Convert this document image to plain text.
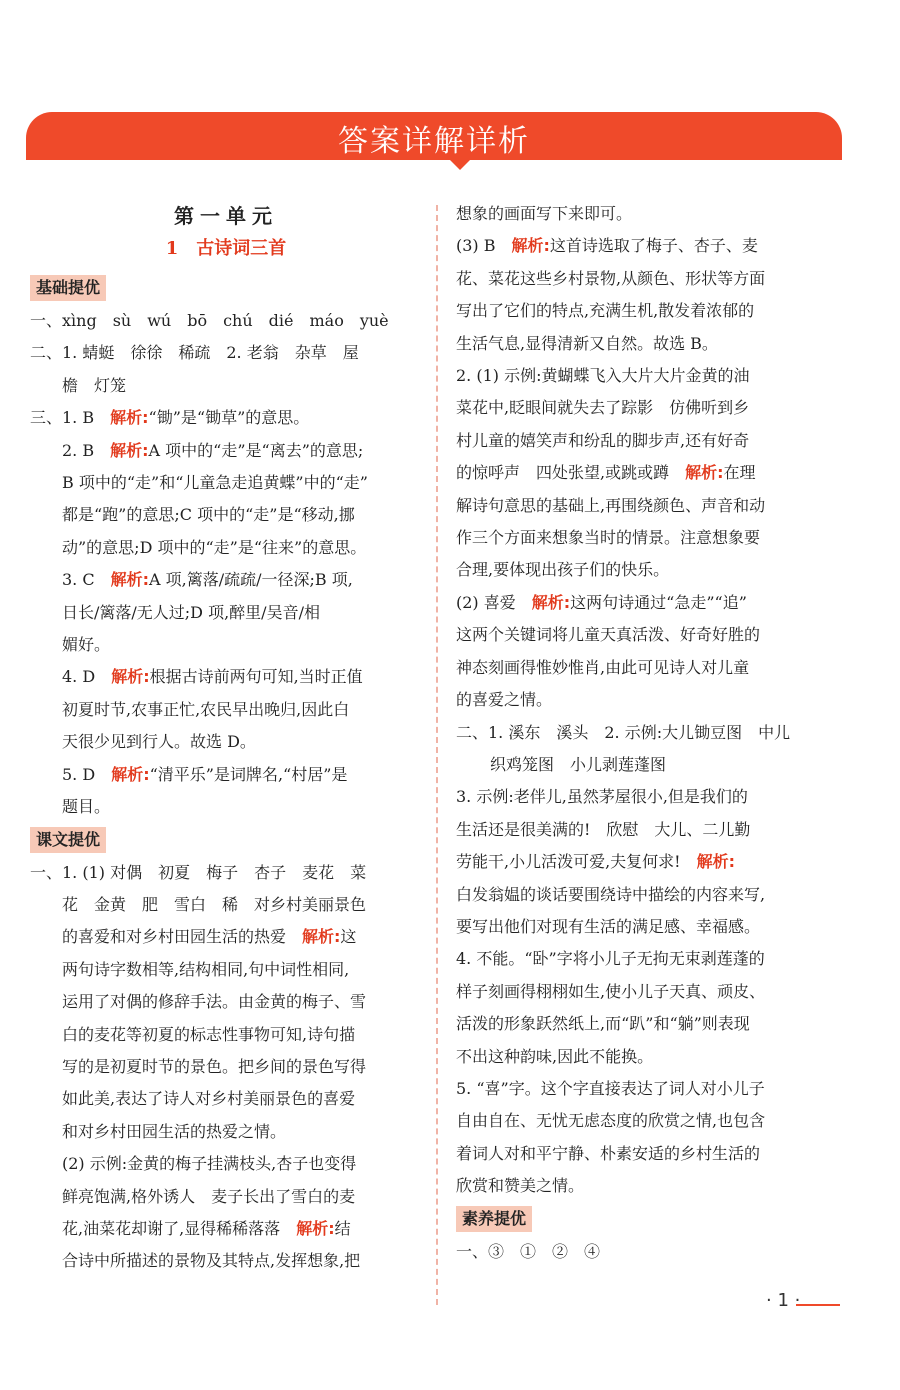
答案详解详析

第一单元

1　古诗词三首

基础提优

一、xìng　sù　wú　bō　chú　dié　máo　yuè

二、1. 蜻蜓　徐徐　稀疏　2. 老翁　杂草　屋

檐　灯笼

三、1. B　解析:“锄”是“锄草”的意思。

2. B　解析:A 项中的“走”是“离去”的意思;

B 项中的“走”和“儿童急走追黄蝶”中的“走”

都是“跑”的意思;C 项中的“走”是“移动,挪

动”的意思;D 项中的“走”是“往来”的意思。

3. C　解析:A 项,篱落/疏疏/一径深;B 项,

日长/篱落/无人过;D 项,醉里/吴音/相

媚好。

4. D　解析:根据古诗前两句可知,当时正值

初夏时节,农事正忙,农民早出晚归,因此白

天很少见到行人。故选 D。

5. D　解析:“清平乐”是词牌名,“村居”是

题目。

课文提优

一、1. (1) 对偶　初夏　梅子　杏子　麦花　菜

花　金黄　肥　雪白　稀　对乡村美丽景色

的喜爱和对乡村田园生活的热爱　解析:这

两句诗字数相等,结构相同,句中词性相同,

运用了对偶的修辞手法。由金黄的梅子、雪

白的麦花等初夏的标志性事物可知,诗句描

写的是初夏时节的景色。把乡间的景色写得

如此美,表达了诗人对乡村美丽景色的喜爱

和对乡村田园生活的热爱之情。

(2) 示例:金黄的梅子挂满枝头,杏子也变得

鲜亮饱满,格外诱人　麦子长出了雪白的麦

花,油菜花却谢了,显得稀稀落落　解析:结

合诗中所描述的景物及其特点,发挥想象,把

想象的画面写下来即可。

(3) B　解析:这首诗选取了梅子、杏子、麦

花、菜花这些乡村景物,从颜色、形状等方面

写出了它们的特点,充满生机,散发着浓郁的

生活气息,显得清新又自然。故选 B。

2. (1) 示例:黄蝴蝶飞入大片大片金黄的油

菜花中,眨眼间就失去了踪影　仿佛听到乡

村儿童的嬉笑声和纷乱的脚步声,还有好奇

的惊呼声　四处张望,或跳或蹲　解析:在理

解诗句意思的基础上,再围绕颜色、声音和动

作三个方面来想象当时的情景。注意想象要

合理,要体现出孩子们的快乐。

(2) 喜爱　解析:这两句诗通过“急走”“追”

这两个关键词将儿童天真活泼、好奇好胜的

神态刻画得惟妙惟肖,由此可见诗人对儿童

的喜爱之情。

二、1. 溪东　溪头　2. 示例:大儿锄豆图　中儿

织鸡笼图　小儿剥莲蓬图

3. 示例:老伴儿,虽然茅屋很小,但是我们的

生活还是很美满的!　欣慰　大儿、二儿勤

劳能干,小儿活泼可爱,夫复何求!　解析:

白发翁媪的谈话要围绕诗中描绘的内容来写,

要写出他们对现有生活的满足感、幸福感。

4. 不能。“卧”字将小儿子无拘无束剥莲蓬的

样子刻画得栩栩如生,使小儿子天真、顽皮、

活泼的形象跃然纸上,而“趴”和“躺”则表现

不出这种韵味,因此不能换。

5. “喜”字。这个字直接表达了词人对小儿子

自由自在、无忧无虑态度的欣赏之情,也包含

着词人对和平宁静、朴素安适的乡村生活的

欣赏和赞美之情。

素养提优

一、③　①　②　④

· 1 ·
